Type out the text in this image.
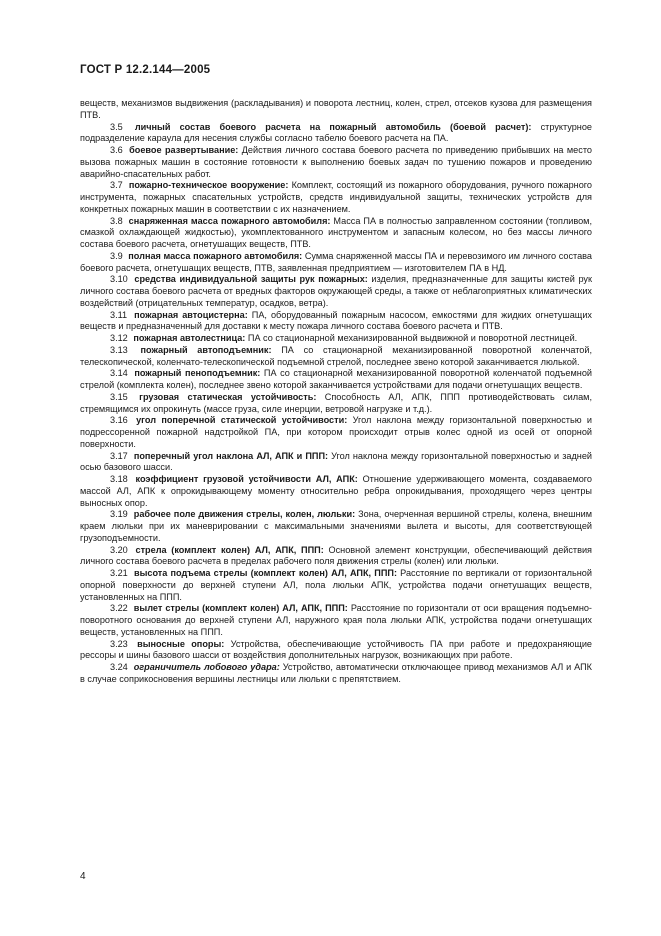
ГОСТ Р 12.2.144—2005

веществ, механизмов выдвижения (раскладывания) и поворота лестниц, колен, стрел, отсеков кузова для размещения ПТВ.

3.5 личный состав боевого расчета на пожарный автомобиль (боевой расчет): структурное подразделение караула для несения службы согласно табелю боевого расчета на ПА.

3.6 боевое развертывание: Действия личного состава боевого расчета по приведению прибывших на место вызова пожарных машин в состояние готовности к выполнению боевых задач по тушению пожаров и проведению аварийно-спасательных работ.

3.7 пожарно-техническое вооружение: Комплект, состоящий из пожарного оборудования, ручного пожарного инструмента, пожарных спасательных устройств, средств индивидуальной защиты, технических устройств для конкретных пожарных машин в соответствии с их назначением.

3.8 снаряженная масса пожарного автомобиля: Масса ПА в полностью заправленном состоянии (топливом, смазкой охлаждающей жидкостью), укомплектованного инструментом и запасным колесом, но без массы личного состава боевого расчета, огнетушащих веществ, ПТВ.

3.9 полная масса пожарного автомобиля: Сумма снаряженной массы ПА и перевозимого им личного состава боевого расчета, огнетушащих веществ, ПТВ, заявленная предприятием — изготовителем ПА в НД.

3.10 средства индивидуальной защиты рук пожарных: изделия, предназначенные для защиты кистей рук личного состава боевого расчета от вредных факторов окружающей среды, а также от неблагоприятных климатических воздействий (отрицательных температур, осадков, ветра).

3.11 пожарная автоцистерна: ПА, оборудованный пожарным насосом, емкостями для жидких огнетушащих веществ и предназначенный для доставки к месту пожара личного состава боевого расчета и ПТВ.

3.12 пожарная автолестница: ПА со стационарной механизированной выдвижной и поворотной лестницей.

3.13 пожарный автоподъемник: ПА со стационарной механизированной поворотной коленчатой, телескопической, коленчато-телескопической подъемной стрелой, последнее звено которой заканчивается люлькой.

3.14 пожарный пеноподъемник: ПА со стационарной механизированной поворотной коленчатой подъемной стрелой (комплекта колен), последнее звено которой заканчивается устройствами для подачи огнетушащих веществ.

3.15 грузовая статическая устойчивость: Способность АЛ, АПК, ППП противодействовать силам, стремящимся их опрокинуть (массе груза, силе инерции, ветровой нагрузке и т.д.).

3.16 угол поперечной статической устойчивости: Угол наклона между горизонтальной поверхностью и подрессоренной пожарной надстройкой ПА, при котором происходит отрыв колес одной из осей от опорной поверхности.

3.17 поперечный угол наклона АЛ, АПК и ППП: Угол наклона между горизонтальной поверхностью и задней осью базового шасси.

3.18 коэффициент грузовой устойчивости АЛ, АПК: Отношение удерживающего момента, создаваемого массой АЛ, АПК к опрокидывающему моменту относительно ребра опрокидывания, проходящего через центры выносных опор.

3.19 рабочее поле движения стрелы, колен, люльки: Зона, очерченная вершиной стрелы, колена, внешним краем люльки при их маневрировании с максимальными значениями вылета и высоты, для соответствующей грузоподъемности.

3.20 стрела (комплект колен) АЛ, АПК, ППП: Основной элемент конструкции, обеспечивающий действия личного состава боевого расчета в пределах рабочего поля движения стрелы (колен) или люльки.

3.21 высота подъема стрелы (комплект колен) АЛ, АПК, ППП: Расстояние по вертикали от горизонтальной опорной поверхности до верхней ступени АЛ, пола люльки АПК, устройства подачи огнетушащих веществ, установленных на ППП.

3.22 вылет стрелы (комплект колен) АЛ, АПК, ППП: Расстояние по горизонтали от оси вращения подъемно-поворотного основания до верхней ступени АЛ, наружного края пола люльки АПК, устройства подачи огнетушащих веществ, установленных на ППП.

3.23 выносные опоры: Устройства, обеспечивающие устойчивость ПА при работе и предохраняющие рессоры и шины базового шасси от воздействия дополнительных нагрузок, возникающих при работе.

3.24 ограничитель лобового удара: Устройство, автоматически отключающее привод механизмов АЛ и АПК в случае соприкосновения вершины лестницы или люльки с препятствием.

4
